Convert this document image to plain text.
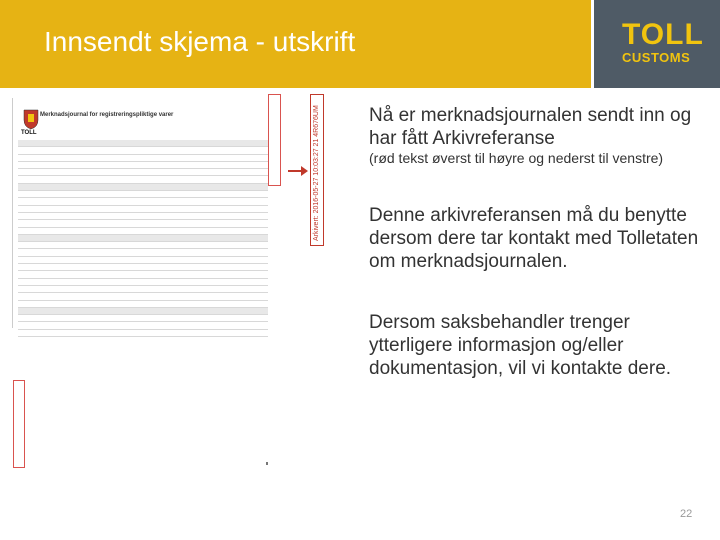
Innsendt skjema - utskrift	TOLL
CUSTOMS
TOLL
Merknadsjournal for registreringspliktige varer	Arkivert: 2016-05-27 10:03:27 21 4R676UM	Nå er merknadsjournalen sendt inn og har fått Arkivreferanse
(rød tekst øverst til høyre og nederst til venstre)
Denne arkivreferansen må du benytte dersom dere tar kontakt med Tolletaten om merknadsjournalen.
Dersom saksbehandler trenger ytterligere informasjon og/eller dokumentasjon, vil vi kontakte dere.
22
